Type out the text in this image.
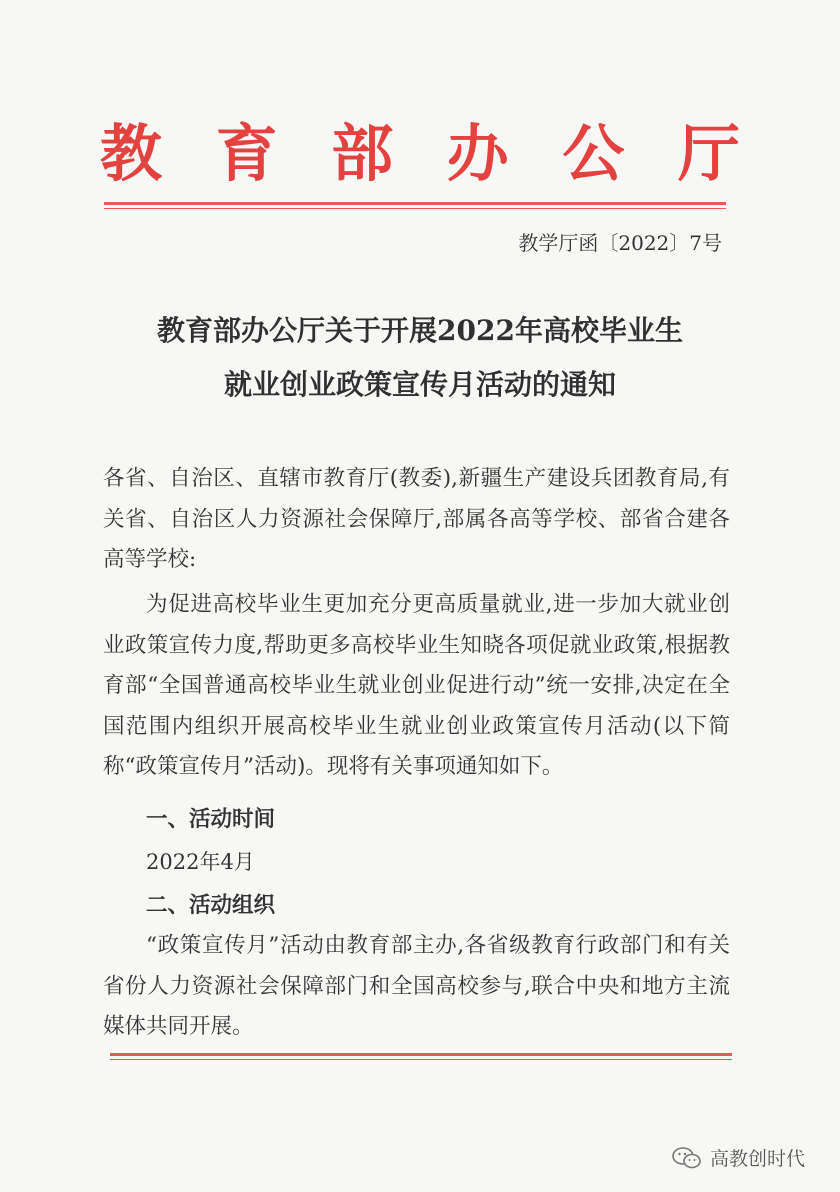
教 育 部 办 公 厅
教学厅函〔2022〕7号
教育部办公厅关于开展2022年高校毕业生
就业创业政策宣传月活动的通知

各省、自治区、直辖市教育厅(教委),新疆生产建设兵团教育局,有关省、自治区人力资源社会保障厅,部属各高等学校、部省合建各高等学校:

为促进高校毕业生更加充分更高质量就业,进一步加大就业创业政策宣传力度,帮助更多高校毕业生知晓各项促就业政策,根据教育部“全国普通高校毕业生就业创业促进行动”统一安排,决定在全国范围内组织开展高校毕业生就业创业政策宣传月活动(以下简称“政策宣传月”活动)。现将有关事项通知如下。

一、活动时间
2022年4月
二、活动组织

“政策宣传月”活动由教育部主办,各省级教育行政部门和有关省份人力资源社会保障部门和全国高校参与,联合中央和地方主流媒体共同开展。

高教创时代
